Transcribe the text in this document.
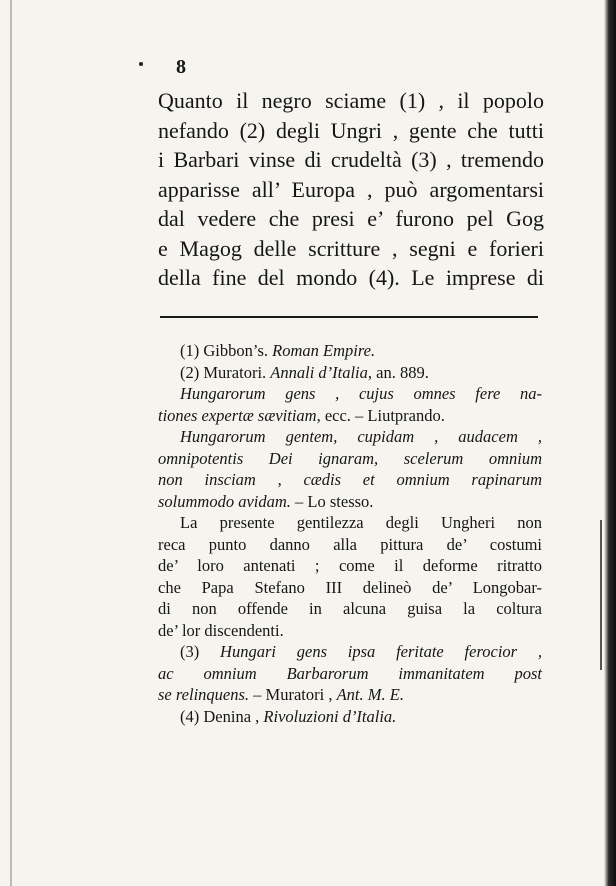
8
Quanto il negro sciame (1) , il popolo
nefando (2) degli Ungri , gente che tutti
i Barbari vinse di crudeltà (3) , tremendo
apparisse all’ Europa , può argomentarsi
dal vedere che presi e’ furono pel Gog
e Magog delle scritture , segni e forieri
della fine del mondo (4). Le imprese di
(1) Gibbon’s. Roman Empire.
(2) Muratori. Annali d’Italia, an. 889.
Hungarorum gens , cujus omnes fere na-
tiones expertæ sævitiam, ecc. – Liutprando.
Hungarorum gentem, cupidam , audacem ,
omnipotentis Dei ignaram, scelerum omnium
non insciam , cædis et omnium rapinarum
solummodo avidam. – Lo stesso.
La presente gentilezza degli Ungheri non
reca punto danno alla pittura de’ costumi
de’ loro antenati ; come il deforme ritratto
che Papa Stefano III delineò de’ Longobar-
di non offende in alcuna guisa la coltura
de’ lor discendenti.
(3) Hungari gens ipsa feritate ferocior ,
ac omnium Barbarorum immanitatem post
se relinquens. – Muratori , Ant. M. E.
(4) Denina , Rivoluzioni d’Italia.
